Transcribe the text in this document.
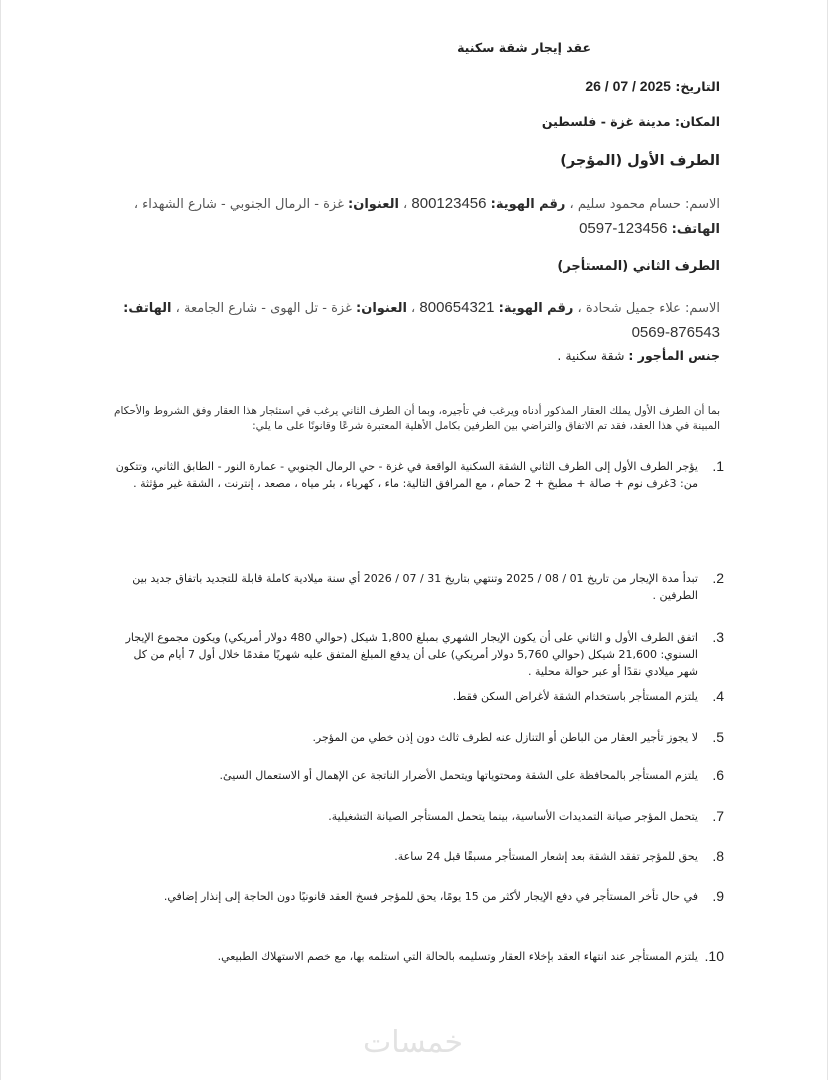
عقد إيجار شقة سكنية
التاريخ: 26 / 07 / 2025
المكان: مدينة غزة - فلسطين
الطرف الأول (المؤجر)
الاسم: حسام محمود سليم ، رقم الهوية: 800123456 ، العنوان: غزة - الرمال الجنوبي - شارع الشهداء ، الهاتف: 0597-123456
الطرف الثاني (المستأجر)
الاسم: علاء جميل شحادة ، رقم الهوية: 800654321 ، العنوان: غزة - تل الهوى - شارع الجامعة ، الهاتف: 0569-876543
جنس المأجور : شقة سكنية .
بما أن الطرف الأول يملك العقار المذكور أدناه ويرغب في تأجيره، وبما أن الطرف الثاني يرغب في استئجار هذا العقار وفق الشروط والأحكام المبينة في هذا العقد، فقد تم الاتفاق والتراضي بين الطرفين بكامل الأهلية المعتبرة شرعًا وقانونًا على ما يلي:
1.
يؤجر الطرف الأول إلى الطرف الثاني الشقة السكنية الواقعة في غزة - حي الرمال الجنوبي - عمارة النور - الطابق الثاني، وتتكون من: 3غرف نوم + صالة + مطبخ + 2 حمام ، مع المرافق التالية: ماء ، كهرباء ، بئر مياه ، مصعد ، إنترنت ، الشقة غير مؤثثة .
2.
تبدأ مدة الإيجار من تاريخ 01 / 08 / 2025 وتنتهي بتاريخ 31 / 07 / 2026 أي سنة ميلادية كاملة قابلة للتجديد باتفاق جديد بين الطرفين .
3.
اتفق الطرف الأول و الثاني على أن يكون الإيجار الشهري بمبلغ 1,800 شيكل (حوالي 480 دولار أمريكي) ويكون مجموع الإيجار السنوي: 21,600 شيكل (حوالي 5,760 دولار أمريكي) على أن يدفع المبلغ المتفق عليه شهريًا مقدمًا خلال أول 7 أيام من كل شهر ميلادي نقدًا أو عبر حوالة محلية .
4.
يلتزم المستأجر باستخدام الشقة لأغراض السكن فقط.
5.
لا يجوز تأجير العقار من الباطن أو التنازل عنه لطرف ثالث دون إذن خطي من المؤجر.
6.
يلتزم المستأجر بالمحافظة على الشقة ومحتوياتها ويتحمل الأضرار الناتجة عن الإهمال أو الاستعمال السيئ.
7.
يتحمل المؤجر صيانة التمديدات الأساسية، بينما يتحمل المستأجر الصيانة التشغيلية.
8.
يحق للمؤجر تفقد الشقة بعد إشعار المستأجر مسبقًا قبل 24 ساعة.
9.
في حال تأخر المستأجر في دفع الإيجار لأكثر من 15 يومًا، يحق للمؤجر فسخ العقد قانونيًا دون الحاجة إلى إنذار إضافي.
10.
يلتزم المستأجر عند انتهاء العقد بإخلاء العقار وتسليمه بالحالة التي استلمه بها، مع خصم الاستهلاك الطبيعي.
خمسات
